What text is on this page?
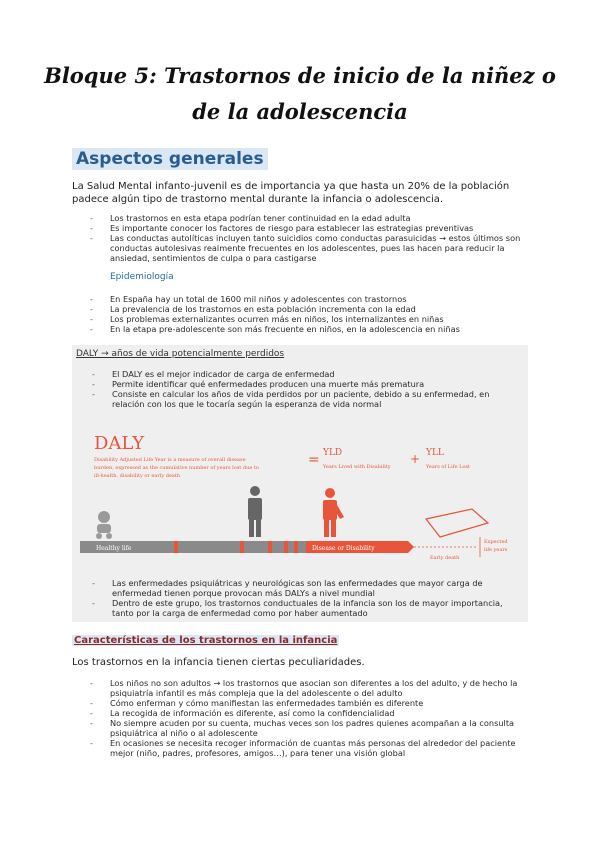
Bloque 5: Trastornos de inicio de la niñez o
de la adolescencia
Aspectos generales

La Salud Mental infanto-juvenil es de importancia ya que hasta un 20% de la población padece algún tipo de trastorno mental durante la infancia o adolescencia.

- Los trastornos en esta etapa podrían tener continuidad en la edad adulta
- Es importante conocer los factores de riesgo para establecer las estrategias preventivas
- Las conductas autolíticas incluyen tanto suicidios como conductas parasuicidas → estos últimos son conductas autolesivas realmente frecuentes en los adolescentes, pues las hacen para reducir la ansiedad, sentimientos de culpa o para castigarse

Epidemiología

- En España hay un total de 1600 mil niños y adolescentes con trastornos
- La prevalencia de los trastornos en esta población incrementa con la edad
- Los problemas externalizantes ocurren más en niños, los internalizantes en niñas
- En la etapa pre-adolescente son más frecuente en niños, en la adolescencia en niñas
DALY → años de vida potencialmente perdidos
- El DALY es el mejor indicador de carga de enfermedad
- Permite identificar qué enfermedades producen una muerte más prematura
- Consiste en calcular los años de vida perdidos por un paciente, debido a su enfermedad, en relación con los que le tocaría según la esperanza de vida normal
DALY
Disability Adjusted Life Year is a measure of overall disease
burden, expressed as the cumulative number of years lost due to
ill-health, disability or early death
= YLD
Years Lived with Disability
+ YLL
Years of Life Lost
Healthy life	Disease or Disability
Early death
Expected
life years
- Las enfermedades psiquiátricas y neurológicas son las enfermedades que mayor carga de enfermedad tienen porque provocan más DALYs a nivel mundial
- Dentro de este grupo, los trastornos conductuales de la infancia son los de mayor importancia, tanto por la carga de enfermedad como por haber aumentado
Características de los trastornos en la infancia

Los trastornos en la infancia tienen ciertas peculiaridades.

- Los niños no son adultos → los trastornos que asocian son diferentes a los del adulto, y de hecho la psiquiatría infantil es más compleja que la del adolescente o del adulto
- Cómo enferman y cómo manifiestan las enfermedades también es diferente
- La recogida de información es diferente, así como la confidencialidad
- No siempre acuden por su cuenta, muchas veces son los padres quienes acompañan a la consulta psiquiátrica al niño o al adolescente
- En ocasiones se necesita recoger información de cuantas más personas del alrededor del paciente mejor (niño, padres, profesores, amigos…), para tener una visión global
